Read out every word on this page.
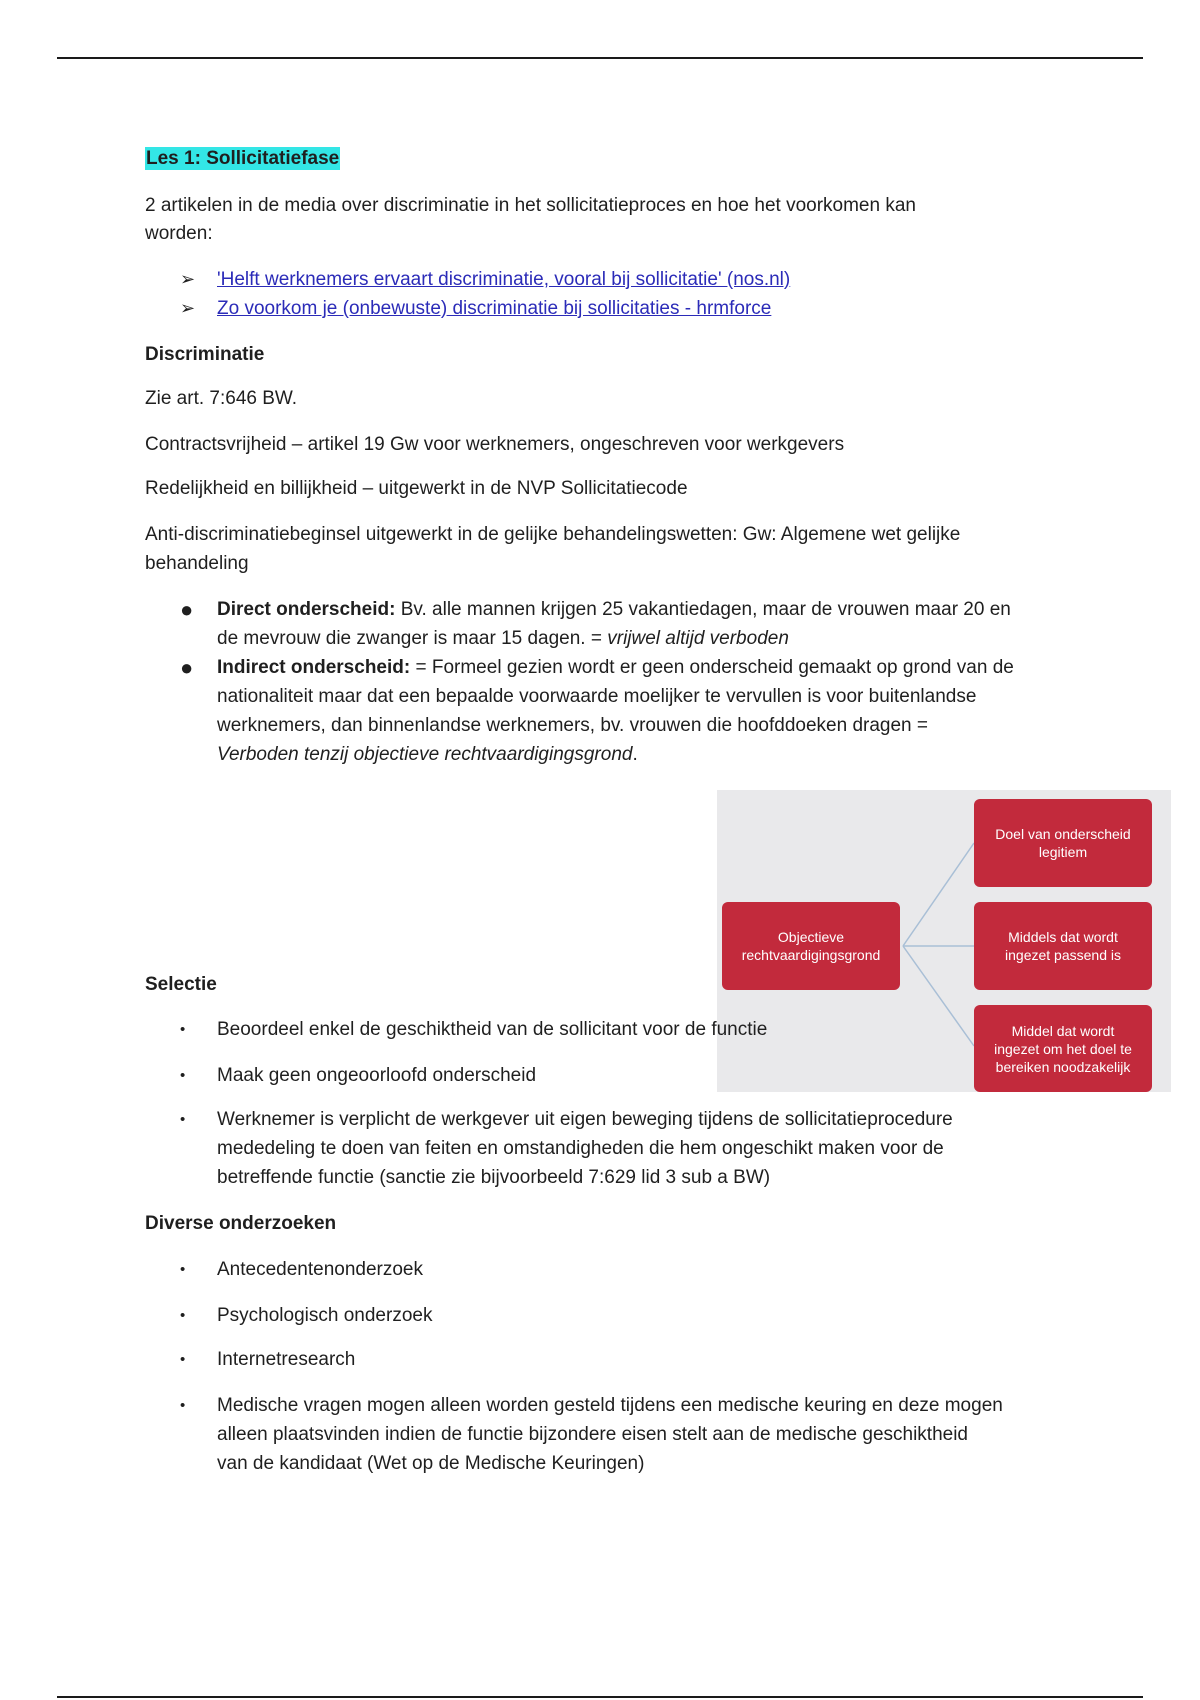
Les 1: Sollicitatiefase
2 artikelen in de media over discriminatie in het sollicitatieproces en hoe het voorkomen kan
worden:
➢ 'Helft werknemers ervaart discriminatie, vooral bij sollicitatie' (nos.nl)
➢ Zo voorkom je (onbewuste) discriminatie bij sollicitaties - hrmforce
Discriminatie
Zie art. 7:646 BW.
Contractsvrijheid – artikel 19 Gw voor werknemers, ongeschreven voor werkgevers
Redelijkheid en billijkheid – uitgewerkt in de NVP Sollicitatiecode
Anti-discriminatiebeginsel uitgewerkt in de gelijke behandelingswetten: Gw: Algemene wet gelijke
behandeling
●	Direct onderscheid: Bv. alle mannen krijgen 25 vakantiedagen, maar de vrouwen maar 20 en
de mevrouw die zwanger is maar 15 dagen. = vrijwel altijd verboden
●	Indirect onderscheid: = Formeel gezien wordt er geen onderscheid gemaakt op grond van de
nationaliteit maar dat een bepaalde voorwaarde moelijker te vervullen is voor buitenlandse
werknemers, dan binnenlandse werknemers, bv. vrouwen die hoofddoeken dragen =
Verboden tenzij objectieve rechtvaardigingsgrond.
Objectieve
rechtvaardigingsgrond
Doel van onderscheid
legitiem
Middels dat wordt
ingezet passend is
Middel dat wordt
ingezet om het doel te
bereiken noodzakelijk
Selectie
•	Beoordeel enkel de geschiktheid van de sollicitant voor de functie
•	Maak geen ongeoorloofd onderscheid
•	Werknemer is verplicht de werkgever uit eigen beweging tijdens de sollicitatieprocedure
mededeling te doen van feiten en omstandigheden die hem ongeschikt maken voor de
betreffende functie (sanctie zie bijvoorbeeld 7:629 lid 3 sub a BW)
Diverse onderzoeken
•	Antecedentenonderzoek
•	Psychologisch onderzoek
•	Internetresearch
•	Medische vragen mogen alleen worden gesteld tijdens een medische keuring en deze mogen
alleen plaatsvinden indien de functie bijzondere eisen stelt aan de medische geschiktheid
van de kandidaat (Wet op de Medische Keuringen)
